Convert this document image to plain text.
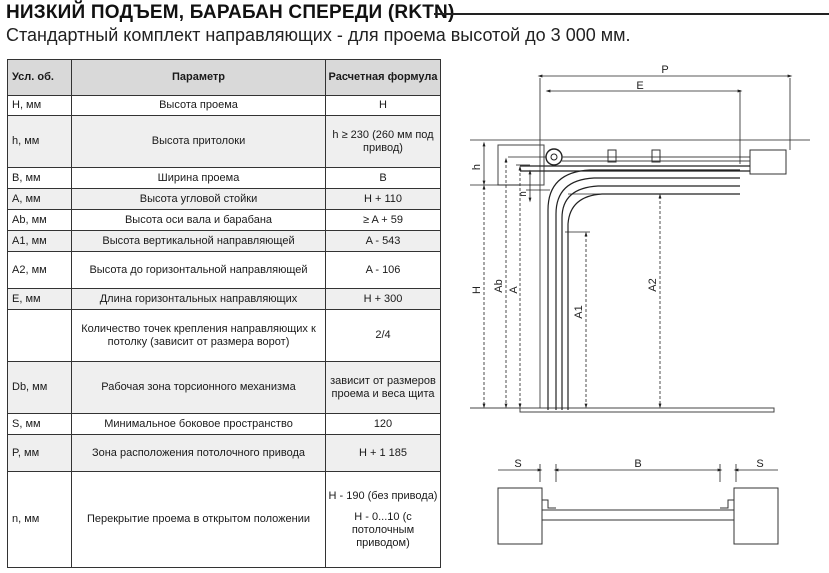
НИЗКИЙ ПОДЪЕМ, БАРАБАН СПЕРЕДИ (RKTN)
Стандартный комплект направляющих - для проема высотой до 3 000 мм.
Усл. об.	Параметр	Расчетная формула
H, мм	Высота проема	H
h, мм	Высота притолоки	h ≥ 230 (260 мм под привод)
B, мм	Ширина проема	B
A, мм	Высота угловой стойки	H + 110
Ab, мм	Высота оси вала и барабана	≥ A + 59
A1, мм	Высота вертикальной направляющей	A - 543
A2, мм	Высота до горизонтальной направляющей	A - 106
E, мм	Длина горизонтальных направляющих	H + 300
	Количество точек крепления направляющих к потолку (зависит от размера ворот)	2/4
Db, мм	Рабочая зона торсионного механизма	зависит от размеров проема и веса щита
S, мм	Минимальное боковое пространство	120
P, мм	Зона расположения потолочного привода	H + 1 185
n, мм	Перекрытие проема в открытом положении	H - 190 (без привода)
H - 0...10 (с потолочным приводом)
P
E
h
H Ab A
n
A1
A2
S	B	S
